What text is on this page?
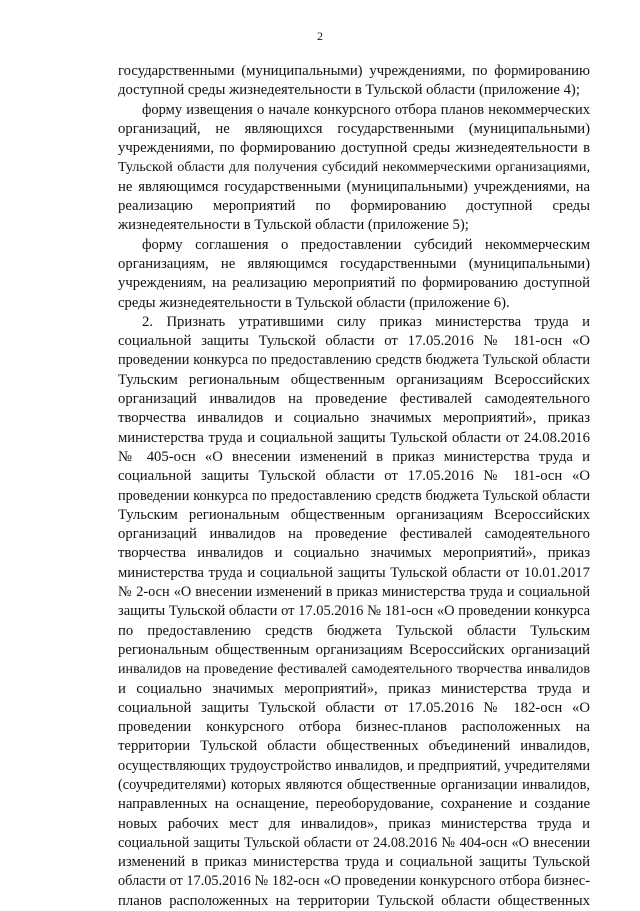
2
государственными (муниципальными) учреждениями, по формированию
доступной среды жизнедеятельности в Тульской области (приложение 4);
форму извещения о начале конкурсного отбора планов некоммерческих
организаций, не являющихся государственными (муниципальными)
учреждениями, по формированию доступной среды жизнедеятельности в
Тульской области для получения субсидий некоммерческими организациями,
не являющимся государственными (муниципальными) учреждениями, на
реализацию мероприятий по формированию доступной среды
жизнедеятельности в Тульской области (приложение 5);
форму соглашения о предоставлении субсидий некоммерческим
организациям, не являющимся государственными (муниципальными)
учреждениям, на реализацию мероприятий по формированию доступной
среды жизнедеятельности в Тульской области (приложение 6).
2. Признать утратившими силу приказ министерства труда и
социальной защиты Тульской области от 17.05.2016 № 181-осн «О
проведении конкурса по предоставлению средств бюджета Тульской области
Тульским региональным общественным организациям Всероссийских
организаций инвалидов на проведение фестивалей самодеятельного
творчества инвалидов и социально значимых мероприятий», приказ
министерства труда и социальной защиты Тульской области от 24.08.2016
№ 405-осн «О внесении изменений в приказ министерства труда и
социальной защиты Тульской области от 17.05.2016 № 181-осн «О
проведении конкурса по предоставлению средств бюджета Тульской области
Тульским региональным общественным организациям Всероссийских
организаций инвалидов на проведение фестивалей самодеятельного
творчества инвалидов и социально значимых мероприятий», приказ
министерства труда и социальной защиты Тульской области от 10.01.2017
№ 2-осн «О внесении изменений в приказ министерства труда и социальной
защиты Тульской области от 17.05.2016 № 181-осн «О проведении конкурса
по предоставлению средств бюджета Тульской области Тульским
региональным общественным организациям Всероссийских организаций
инвалидов на проведение фестивалей самодеятельного творчества инвалидов
и социально значимых мероприятий», приказ министерства труда и
социальной защиты Тульской области от 17.05.2016 № 182-осн «О
проведении конкурсного отбора бизнес-планов расположенных на
территории Тульской области общественных объединений инвалидов,
осуществляющих трудоустройство инвалидов, и предприятий, учредителями
(соучредителями) которых являются общественные организации инвалидов,
направленных на оснащение, переоборудование, сохранение и создание
новых рабочих мест для инвалидов», приказ министерства труда и
социальной защиты Тульской области от 24.08.2016 № 404-осн «О внесении
изменений в приказ министерства труда и социальной защиты Тульской
области от 17.05.2016 № 182-осн «О проведении конкурсного отбора бизнес-
планов расположенных на территории Тульской области общественных
